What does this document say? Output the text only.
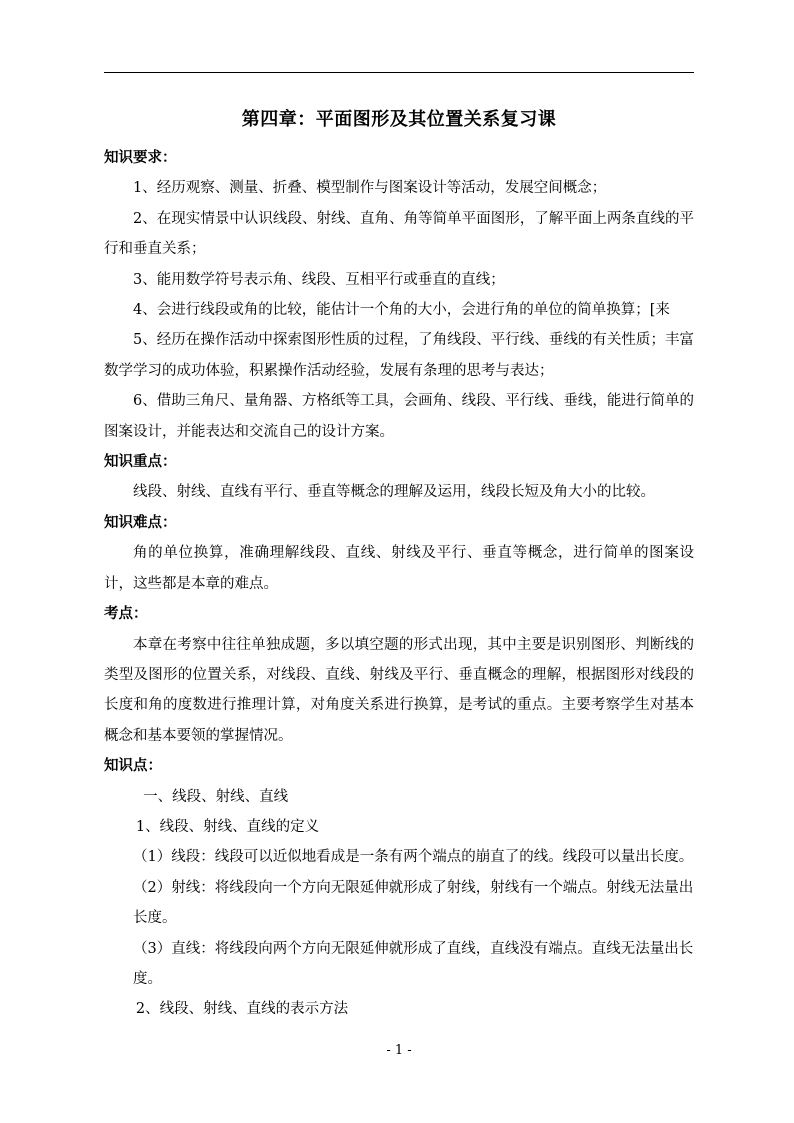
第四章：平面图形及其位置关系复习课
知识要求：
1、经历观察、测量、折叠、模型制作与图案设计等活动，发展空间概念；
2、在现实情景中认识线段、射线、直角、角等简单平面图形，了解平面上两条直线的平行和垂直关系；
3、能用数学符号表示角、线段、互相平行或垂直的直线；
4、会进行线段或角的比较，能估计一个角的大小，会进行角的单位的简单换算；[来
5、经历在操作活动中探索图形性质的过程，了角线段、平行线、垂线的有关性质；丰富数学学习的成功体验，积累操作活动经验，发展有条理的思考与表达；
6、借助三角尺、量角器、方格纸等工具，会画角、线段、平行线、垂线，能进行简单的图案设计，并能表达和交流自己的设计方案。
知识重点：
线段、射线、直线有平行、垂直等概念的理解及运用，线段长短及角大小的比较。
知识难点：
角的单位换算，准确理解线段、直线、射线及平行、垂直等概念，进行简单的图案设计，这些都是本章的难点。
考点：
本章在考察中往往单独成题，多以填空题的形式出现，其中主要是识别图形、判断线的类型及图形的位置关系，对线段、直线、射线及平行、垂直概念的理解，根据图形对线段的长度和角的度数进行推理计算，对角度关系进行换算，是考试的重点。主要考察学生对基本概念和基本要领的掌握情况。
知识点：
一、线段、射线、直线
1、线段、射线、直线的定义
（1）线段：线段可以近似地看成是一条有两个端点的崩直了的线。线段可以量出长度。
（2）射线：将线段向一个方向无限延伸就形成了射线，射线有一个端点。射线无法量出长度。
（3）直线：将线段向两个方向无限延伸就形成了直线，直线没有端点。直线无法量出长度。
2、线段、射线、直线的表示方法
- 1 -
